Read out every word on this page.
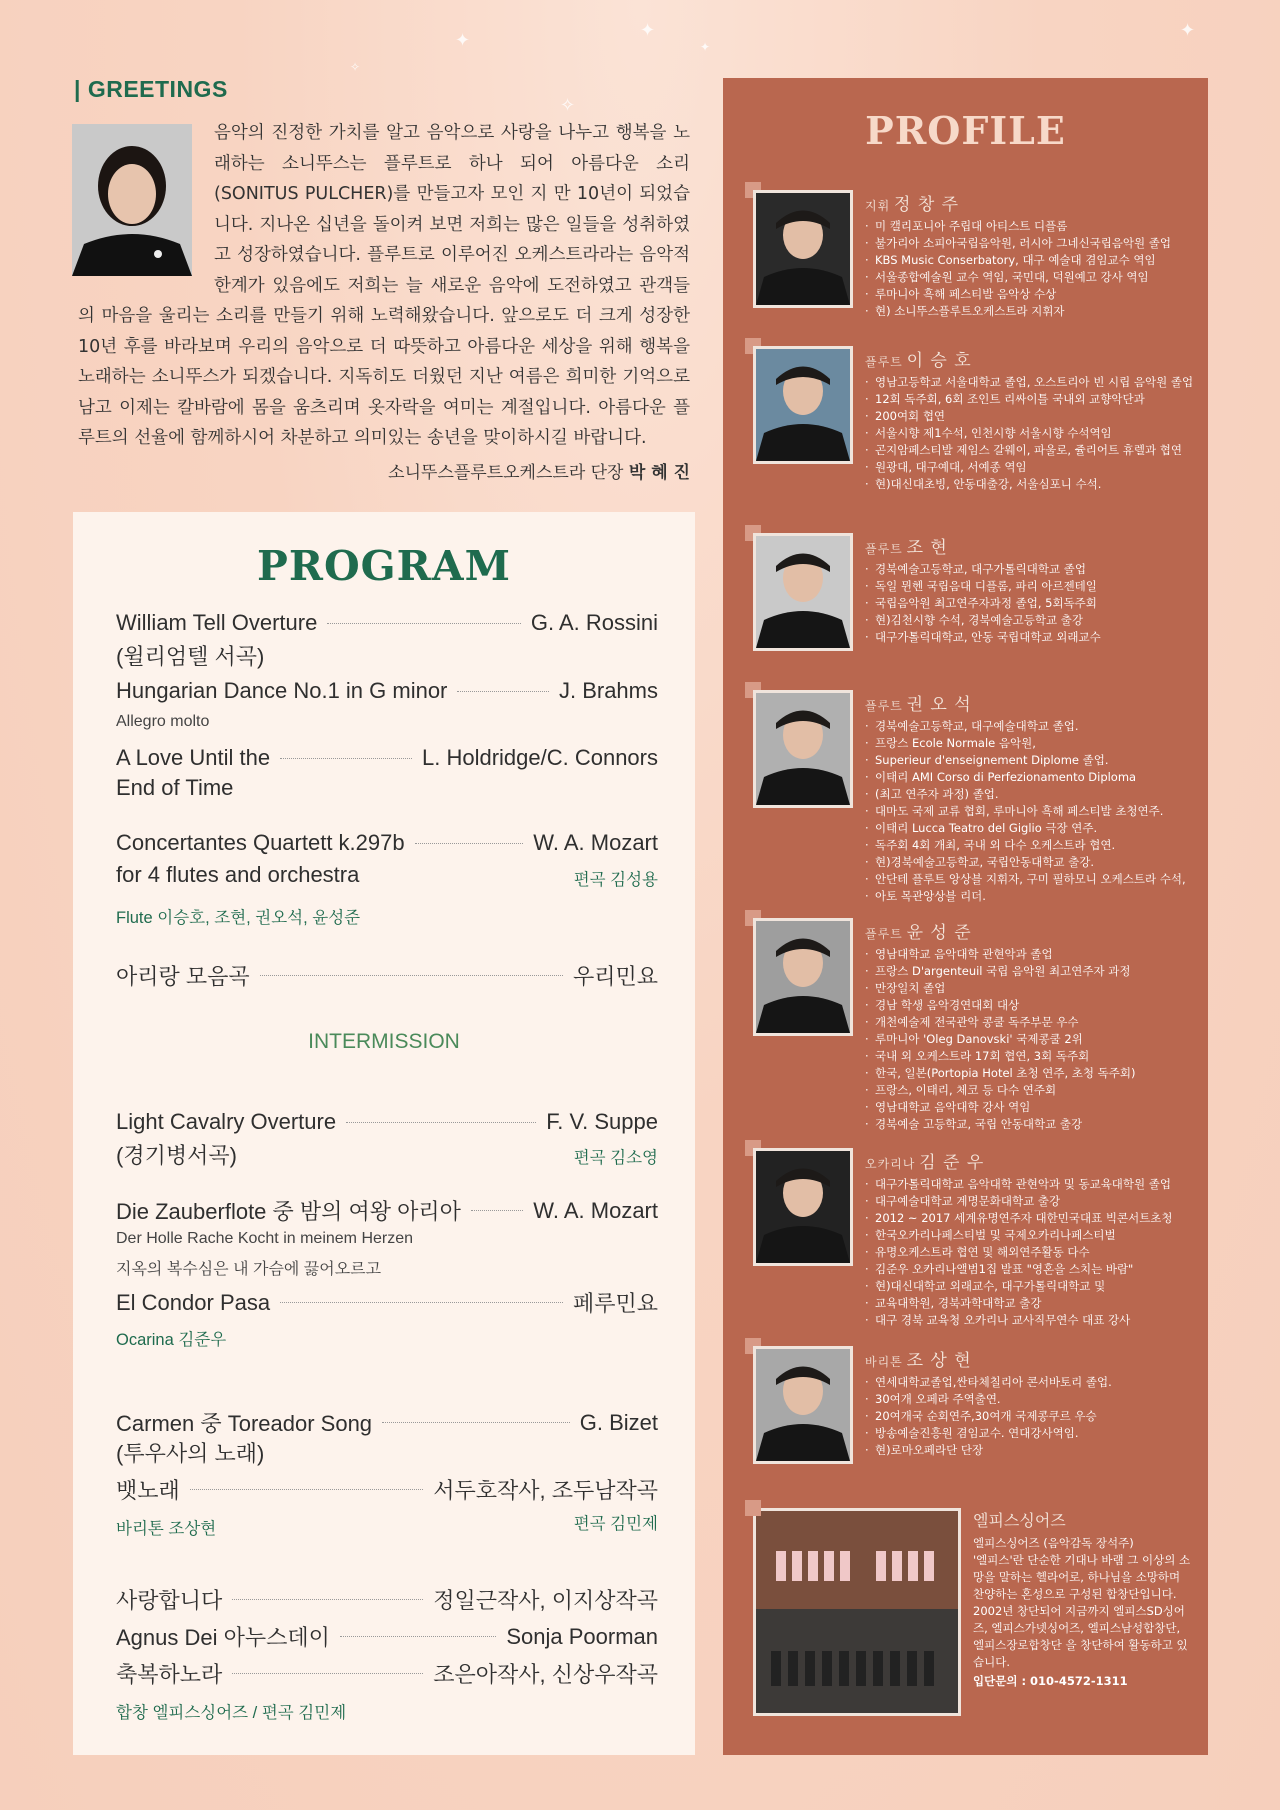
✦
✧
✦	✦
✧
✦
| GREETINGS
음악의 진정한 가치를 알고 음악으로 사랑을 나누고 행복을 노래하는 소니뚜스는 플루트로 하나 되어 아름다운 소리(SONITUS PULCHER)를 만들고자 모인 지 만 10년이 되었습니다. 지나온 십년을 돌이켜 보면 저희는 많은 일들을 성취하였고 성장하였습니다. 플루트로 이루어진 오케스트라라는 음악적 한계가 있음에도 저희는 늘 새로운 음악에 도전하였고 관객들의 마음을 울리는 소리를 만들기 위해 노력해왔습니다. 앞으로도 더 크게 성장한 10년 후를 바라보며 우리의 음악으로 더 따뜻하고 아름다운 세상을 위해 행복을 노래하는 소니뚜스가 되겠습니다. 지독히도 더웠던 지난 여름은 희미한 기억으로 남고 이제는 칼바람에 몸을 움츠리며 옷자락을 여미는 계절입니다. 아름다운 플루트의 선율에 함께하시어 차분하고 의미있는 송년을 맞이하시길 바랍니다.
소니뚜스플루트오케스트라 단장 박 혜 진
PROGRAM
William Tell Overture	G. A. Rossini
(윌리엄텔 서곡)
Hungarian Dance No.1 in G minor	J. Brahms
Allegro molto
A Love Until the	L. Holdridge/C. Connors
End of Time
Concertantes Quartett k.297b	W. A. Mozart
for 4 flutes and orchestra	편곡 김성용
Flute 이승호, 조현, 권오석, 윤성준
아리랑 모음곡	우리민요
INTERMISSION
Light Cavalry Overture	F. V. Suppe
(경기병서곡)	편곡 김소영
Die Zauberflote 중 밤의 여왕 아리아	W. A. Mozart
Der Holle Rache Kocht in meinem Herzen
지옥의 복수심은 내 가슴에 끓어오르고
El Condor Pasa	페루민요
Ocarina 김준우
Carmen 중 Toreador Song	G. Bizet
(투우사의 노래)
뱃노래	서두호작사, 조두남작곡
바리톤 조상현	편곡 김민제
사랑합니다	정일근작사, 이지상작곡
Agnus Dei 아누스데이	Sonja Poorman
축복하노라	조은아작사, 신상우작곡
합창 엘피스싱어즈 / 편곡 김민제
PROFILE
지휘 정 창 주
· 미 캘리포니아 주립대 아티스트 디플롬
· 불가리아 소피아국립음악원, 러시아 그네신국립음악원 졸업
· KBS Music Conserbatory, 대구 예술대 겸임교수 역임
· 서울종합예술원 교수 역임, 국민대, 덕원예고 강사 역임
· 루마니아 흑해 페스티발 음악상 수상
· 현) 소니뚜스플루트오케스트라 지휘자
플루트 이 승 호
· 영남고등학교 서울대학교 졸업, 오스트리아 빈 시립 음악원 졸업
· 12회 독주회, 6회 조인트 리싸이틀 국내외 교향악단과
· 200여회 협연
· 서울시향 제1수석, 인천시향 서울시향 수석역임
· 곤지암페스티발 제임스 갈웨이, 파울로, 쥴리어트 휴렐과 협연
· 원광대, 대구예대, 서예종 역임
· 현)대신대초빙, 안동대출강, 서울심포니 수석.
플루트 조 현
· 경북예술고등학교, 대구가톨릭대학교 졸업
· 독일 뮌헨 국립음대 디플롬, 파리 아르젠테일
· 국립음악원 최고연주자과정 졸업, 5회독주회
· 현)김천시향 수석, 경북예술고등학교 출강
· 대구가톨릭대학교, 안동 국립대학교 외래교수
플루트 권 오 석
· 경북예술고등학교, 대구예술대학교 졸업.
· 프랑스 Ecole Normale 음악원,
· Superieur d'enseignement Diplome 졸업.
· 이태리 AMI Corso di Perfezionamento Diploma
· (최고 연주자 과정) 졸업.
· 대마도 국제 교류 협회, 루마니아 흑해 페스티발 초청연주.
· 이태리 Lucca Teatro del Giglio 극장 연주.
· 독주회 4회 개최, 국내 외 다수 오케스트라 협연.
· 현)경북예술고등학교, 국립안동대학교 출강.
· 안단테 플루트 앙상블 지휘자, 구미 필하모니 오케스트라 수석,
· 아토 목관앙상블 리더.
플루트 윤 성 준
· 영남대학교 음악대학 관현악과 졸업
· 프랑스 D'argenteuil 국립 음악원 최고연주자 과정
· 만장일치 졸업
· 경남 학생 음악경연대회 대상
· 개천예술제 전국관악 콩쿨 독주부문 우수
· 루마니아 'Oleg Danovski' 국제콩쿨 2위
· 국내 외 오케스트라 17회 협연, 3회 독주회
· 한국, 일본(Portopia Hotel 초청 연주, 초청 독주회)
· 프랑스, 이태리, 체코 등 다수 연주회
· 영남대학교 음악대학 강사 역임
· 경북예술 고등학교, 국립 안동대학교 출강
오카리나 김 준 우
· 대구가톨릭대학교 음악대학 관현악과 및 동교육대학원 졸업
· 대구예술대학교 계명문화대학교 출강
· 2012 ~ 2017 세계유명연주자 대한민국대표 빅콘서트초청
· 한국오카리나페스티벌 및 국제오카리나페스티벌
· 유명오케스트라 협연 및 해외연주활동 다수
· 김준우 오카리나앨범1집 발표 "영혼을 스치는 바람"
· 현)대신대학교 외래교수, 대구가톨릭대학교 및
· 교육대학원, 경북과학대학교 출강
· 대구 경북 교육청 오카리나 교사직무연수 대표 강사
바리톤 조 상 현
· 연세대학교졸업,싼타체칠리아 콘서바토리 졸업.
· 30여개 오페라 주역출연.
· 20여개국 순회연주,30여개 국제콩쿠르 우승
· 방송예술진흥원 겸임교수. 연대강사역임.
· 현)로마오페라단 단장
엘피스싱어즈

엘피스싱어즈 (음악감독 장석주)

'엘피스'란 단순한 기대나 바램 그 이상의 소망을 말하는 헬라어로, 하나님을 소망하며 찬양하는 혼성으로 구성된 합창단입니다.

2002년 창단되어 지금까지 엘피스SD싱어즈, 엘피스가넷싱어즈, 엘피스남성합창단, 엘피스장로합창단 을 창단하여 활동하고 있습니다.

입단문의 : 010-4572-1311
